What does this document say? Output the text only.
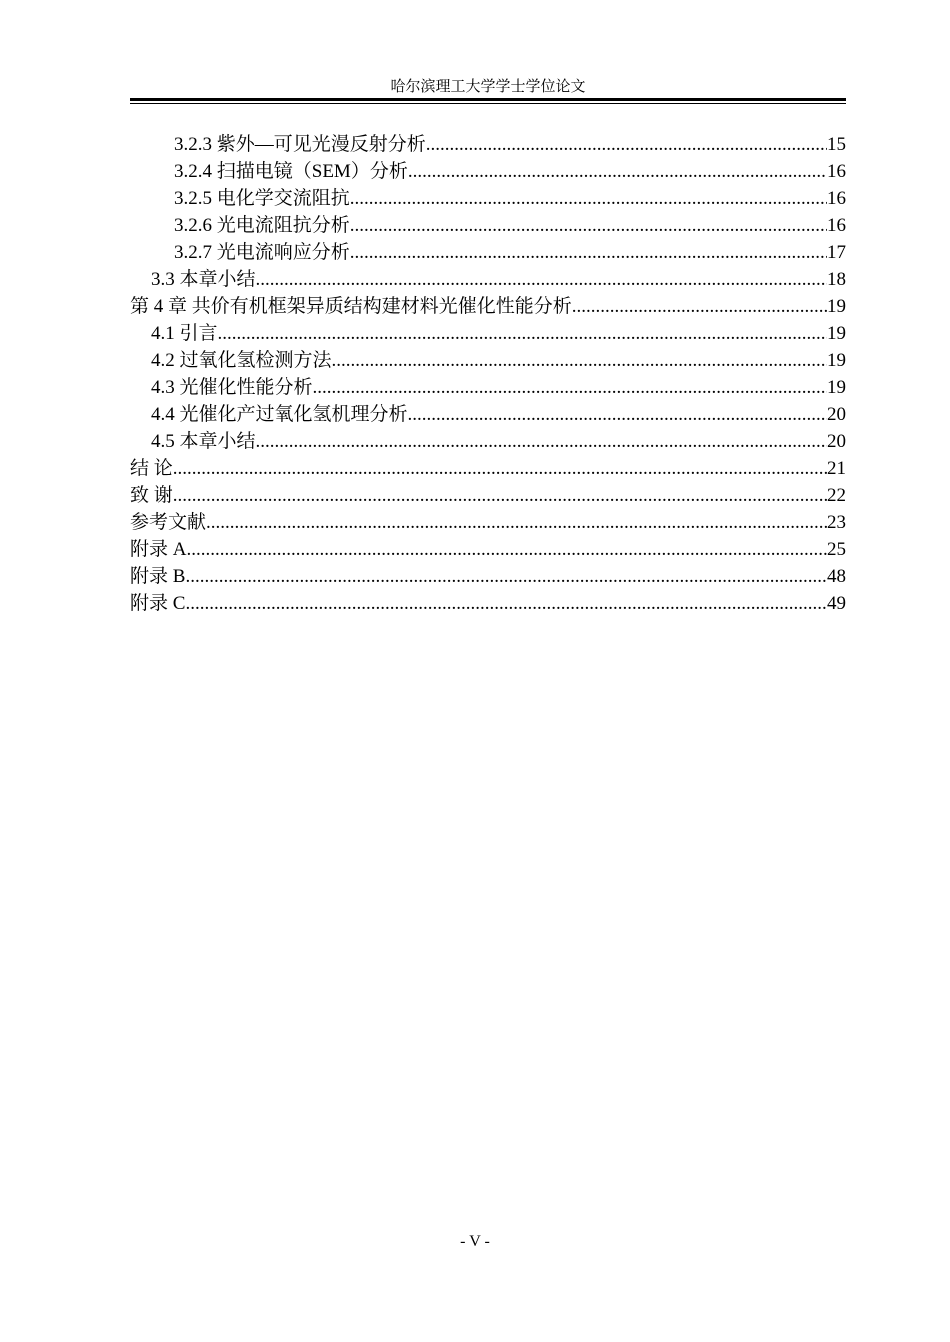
哈尔滨理工大学学士学位论文
3.2.3 紫外—可见光漫反射分析 .....	15
3.2.4 扫描电镜（SEM）分析 .....	16
3.2.5 电化学交流阻抗 .....	16
3.2.6 光电流阻抗分析 .....	16
3.2.7 光电流响应分析 .....	17
3.3 本章小结 .....	18
第 4 章 共价有机框架异质结构建材料光催化性能分析 .....	19
4.1 引言 .....	19
4.2 过氧化氢检测方法 .....	19
4.3 光催化性能分析 .....	19
4.4 光催化产过氧化氢机理分析 .....	20
4.5 本章小结 .....	20
结 论 .....	21
致 谢 .....	22
参考文献 .....	23
附录 A .....	25
附录 B .....	48
附录 C .....	49
- V -
